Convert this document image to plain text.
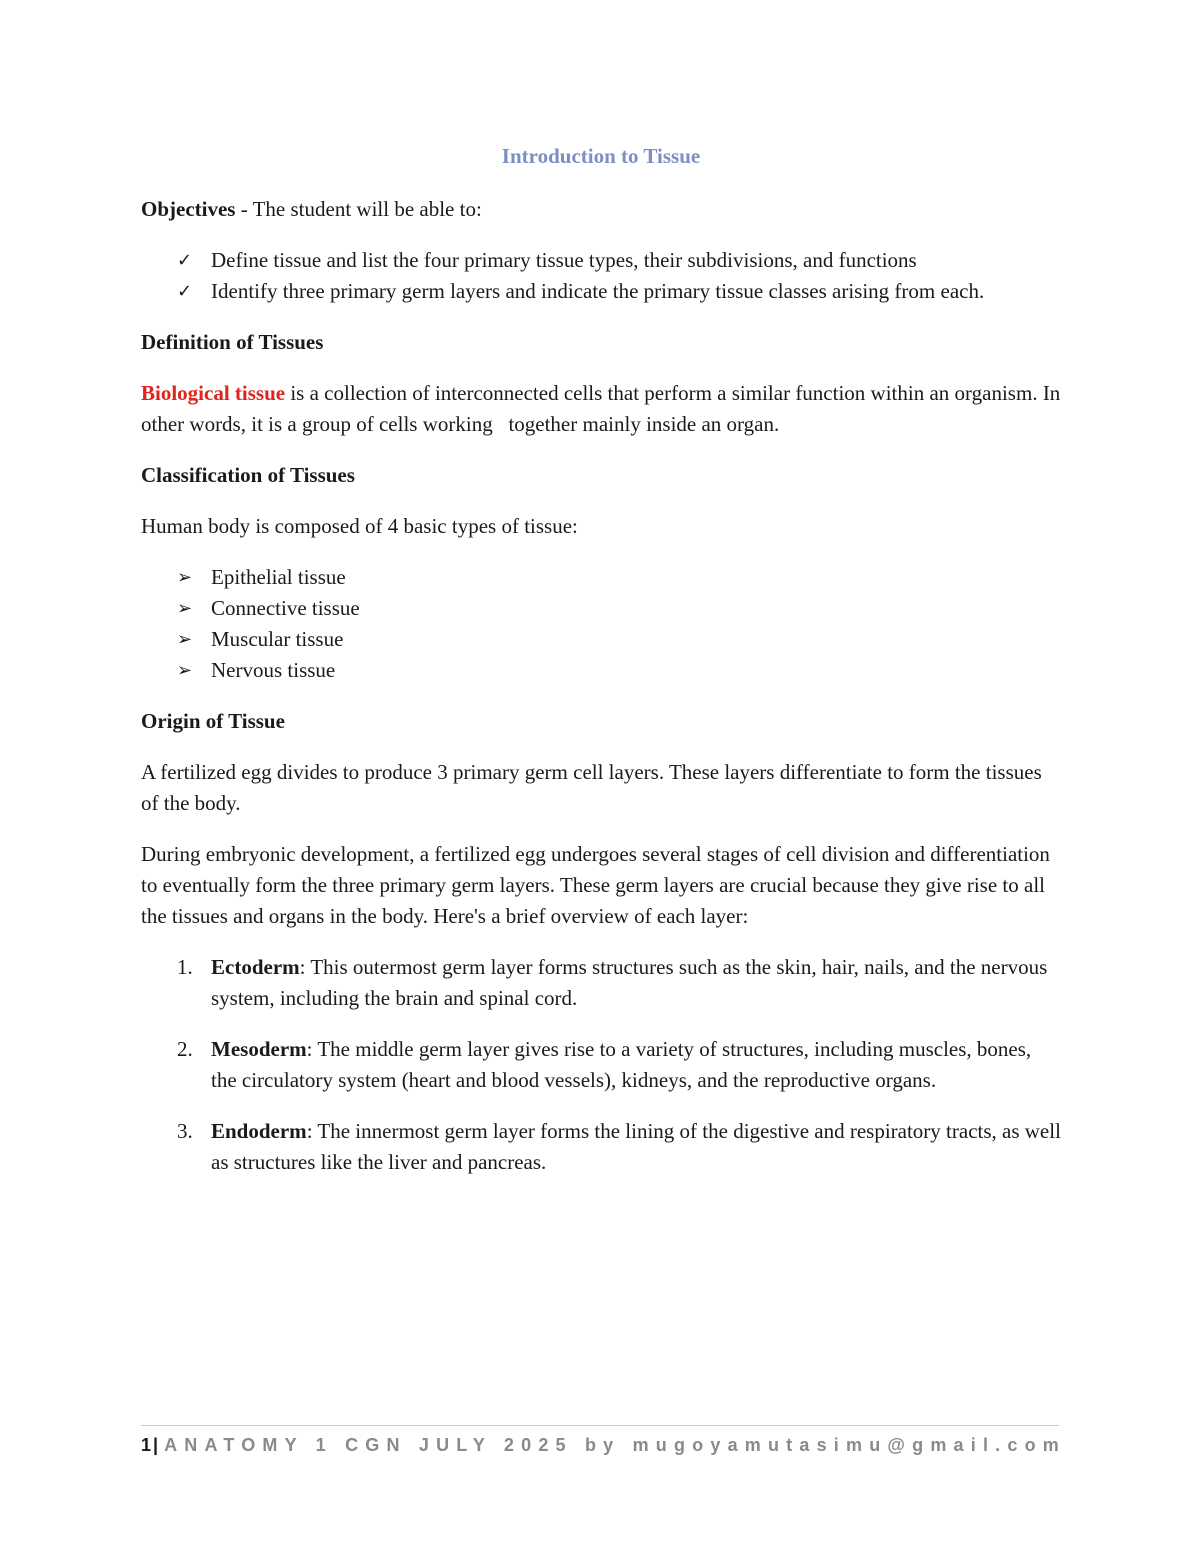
Introduction to Tissue

Objectives - The student will be able to:

✓ Define tissue and list the four primary tissue types, their subdivisions, and functions
✓ Identify three primary germ layers and indicate the primary tissue classes arising from each.
Definition of Tissues

Biological tissue is a collection of interconnected cells that perform a similar function within an organism. In other words, it is a group of cells working   together mainly inside an organ.

Classification of Tissues

Human body is composed of 4 basic types of tissue:

➢ Epithelial tissue
➢ Connective tissue
➢ Muscular tissue
➢ Nervous tissue
Origin of Tissue

A fertilized egg divides to produce 3 primary germ cell layers. These layers differentiate to form the tissues of the body.

During embryonic development, a fertilized egg undergoes several stages of cell division and differentiation to eventually form the three primary germ layers. These germ layers are crucial because they give rise to all the tissues and organs in the body. Here's a brief overview of each layer:

1. Ectoderm: This outermost germ layer forms structures such as the skin, hair, nails, and the nervous system, including the brain and spinal cord.
2. Mesoderm: The middle germ layer gives rise to a variety of structures, including muscles, bones, the circulatory system (heart and blood vessels), kidneys, and the reproductive organs.
3. Endoderm: The innermost germ layer forms the lining of the digestive and respiratory tracts, as well as structures like the liver and pancreas.
1 | ANATOMY 1 CGN JULY 2025 by mugoyamutasimu@gmail.com
